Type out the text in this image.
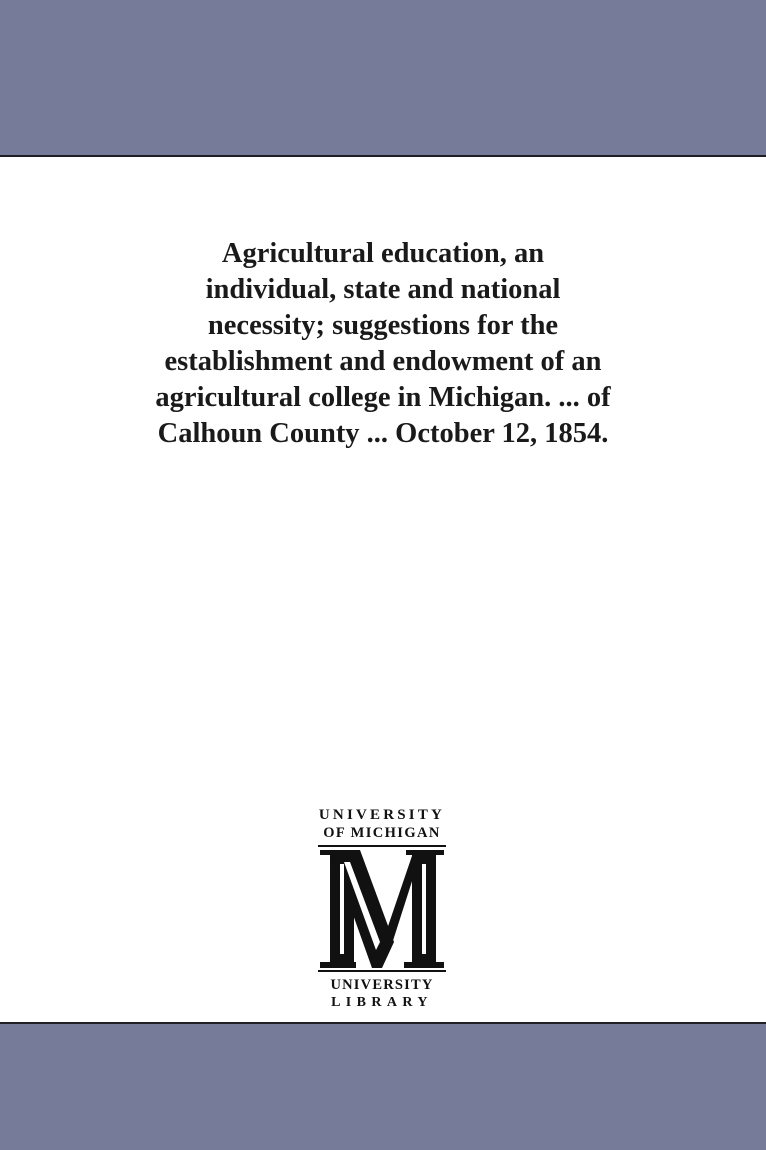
Agricultural education, an
individual, state and national
necessity; suggestions for the
establishment and endowment of an
agricultural college in Michigan. ... of
Calhoun County ... October 12, 1854.
UNIVERSITY
OF MICHIGAN
UNIVERSITY
LIBRARY
